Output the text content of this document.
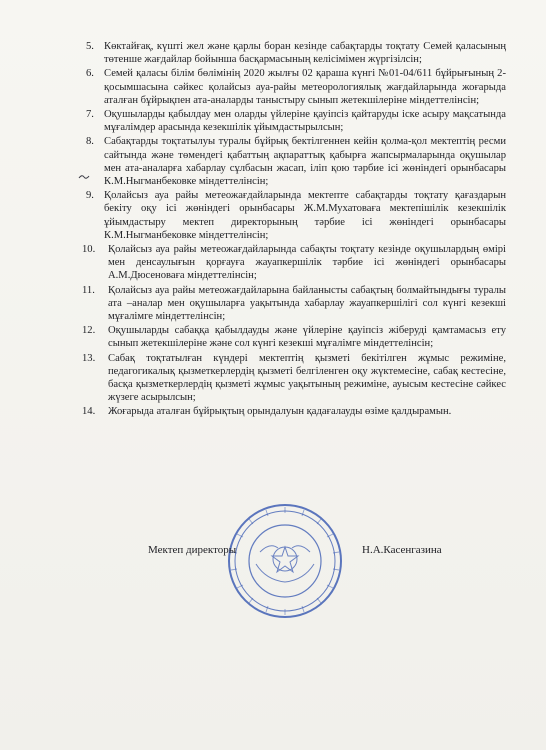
5. Көктайғақ, күшті жел және қарлы боран кезінде сабақтарды тоқтату Семей қаласының төтенше жағдайлар бойынша басқармасының келісімімен жүргізілсін;
6. Семей қаласы білім бөлімінің 2020 жылғы 02 қараша күнгі №01-04/611 бұйрығының 2-қосымшасына сәйкес қолайсыз ауа-райы метеорологиялық жағдайларында жоғарыда аталған бұйрықпен ата-аналарды таныстыру сынып жетекшілеріне міндеттелінсін;
7. Оқушыларды қабылдау мен оларды үйлеріне қауіпсіз қайтаруды іске асыру мақсатында мұғалімдер арасында кезекшілік ұйымдастырылсын;
8. Сабақтарды тоқтатылуы туралы бұйрық бектілгеннен кейін қолма-қол мектептің ресми сайтында және төмендегі қабаттың ақпараттық қабырға жапсырмаларында оқушылар мен ата-аналарға хабарлау сұлбасын жасап, іліп қою тәрбие ісі жөніндегі орынбасары К.М.Ныгманбековке міндеттелінсін;
9. Қолайсыз ауа райы метеожағдайларында мектепте сабақтарды тоқтату қағаздарын бекіту оқу ісі жөніндегі орынбасары Ж.М.Мухатоваға мектепішілік кезекшілік ұйымдастыру мектеп директорының тәрбие ісі жөніндегі орынбасары К.М.Ныгманбековке міндеттелінсін;
10. Қолайсыз ауа райы метеожағдайларында сабақты тоқтату кезінде оқушылардың өмірі мен денсаулығын қорғауға жауапкершілік тәрбие ісі жөніндегі орынбасары А.М.Дюсеноваға міндеттелінсін;
11. Қолайсыз ауа райы метеожағдайларына байланысты сабақтың болмайтындығы туралы ата –аналар мен оқушыларға уақытында хабарлау жауапкершілігі сол күнгі кезекші мұғалімге міндеттелінсін;
12. Оқушыларды сабаққа қабылдауды және үйлеріне қауіпсіз жіберуді қамтамасыз ету сынып жетекшілеріне және сол күнгі кезекші мұғалімге міндеттелінсін;
13. Сабақ тоқтатылған күндері мектептің қызметі бекітілген жұмыс режиміне, педагогикалық қызметкерлердің қызметі белгіленген оқу жүктемесіне, сабақ кестесіне, басқа қызметкерлердің қызметі жұмыс уақытының режиміне, ауысым кестесіне сәйкес жүзеге асырылсын;
14. Жоғарыда аталған бұйрықтың орындалуын қадағалауды өзіме қалдырамын.
Мектеп директоры	Н.А.Касенгазина
